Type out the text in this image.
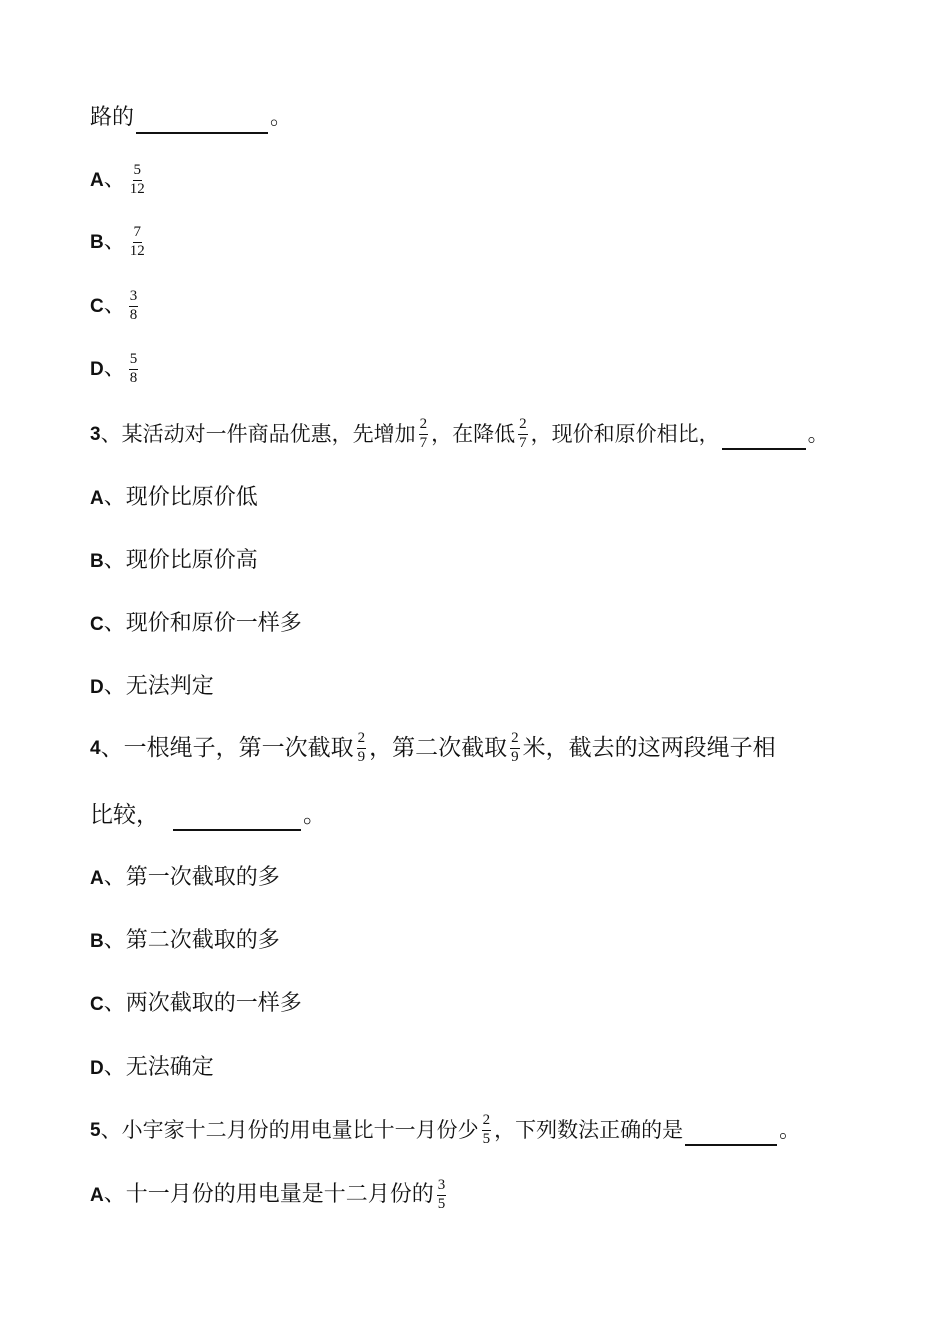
路的	。
A 、 $\frac{5}{12}$
B 、 $\frac{7}{12}$
C 、 $\frac{3}{8}$
D 、 $\frac{5}{8}$
3 、某活动对一件商品优惠，先增加 $\frac{2}{7}$ ，在降低 $\frac{2}{7}$ ，现价和原价相比，	。
A 、现价比原价低
B 、现价比原价高
C 、现价和原价一样多
D 、无法判定
4 、一根绳子，第一次截取 $\frac{2}{9}$ ，第二次截取 $\frac{2}{9}$ 米，截去的这两段绳子相
比较，	。
A 、第一次截取的多
B 、第二次截取的多
C 、两次截取的一样多
D 、无法确定
5 、小宇家十二月份的用电量比十一月份少 $\frac{2}{5}$ ，下列数法正确的是	。
A 、十一月份的用电量是十二月份的 $\frac{3}{5}$
